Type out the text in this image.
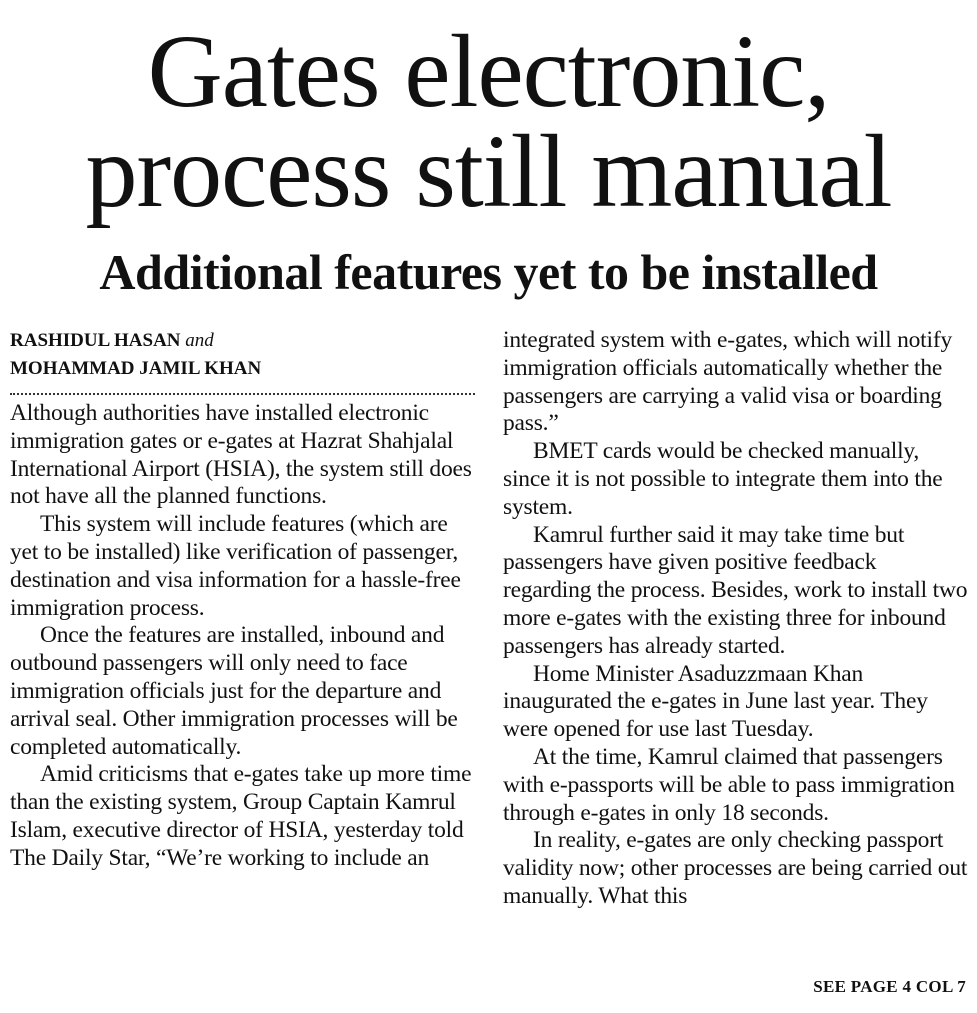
Gates electronic,
process still manual
Additional features yet to be installed
RASHIDUL HASAN and
MOHAMMAD JAMIL KHAN

Although authorities have installed electronic immigration gates or e-gates at Hazrat Shahjalal International Airport (HSIA), the system still does not have all the planned functions.

This system will include features (which are yet to be installed) like verification of passenger, destination and visa information for a hassle-free immigration process.

Once the features are installed, inbound and outbound passengers will only need to face immigration officials just for the departure and arrival seal. Other immigration processes will be completed automatically.

Amid criticisms that e-gates take up more time than the existing system, Group Captain Kamrul Islam, executive director of HSIA, yesterday told The Daily Star, “We’re working to include an

integrated system with e-gates, which will notify immigration officials automatically whether the passengers are carrying a valid visa or boarding pass.”

BMET cards would be checked manually, since it is not possible to integrate them into the system.

Kamrul further said it may take time but passengers have given positive feedback regarding the process. Besides, work to install two more e-gates with the existing three for inbound passengers has already started.

Home Minister Asaduzzmaan Khan inaugurated the e-gates in June last year. They were opened for use last Tuesday.

At the time, Kamrul claimed that passengers with e-passports will be able to pass immigration through e-gates in only 18 seconds.

In reality, e-gates are only checking passport validity now; other processes are being carried out manually. What this

SEE PAGE 4 COL 7
